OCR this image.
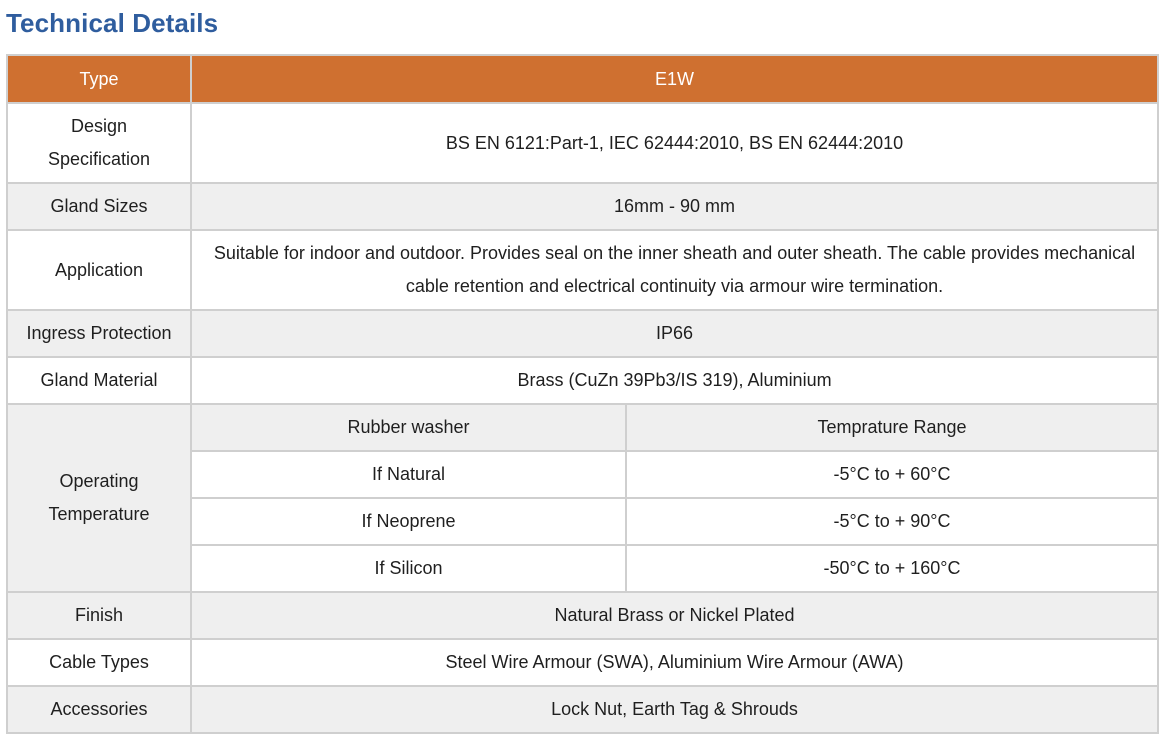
Technical Details
Type	E1W	
Design Specification	BS EN 6121:Part-1, IEC 62444:2010, BS EN 62444:2010	
Gland Sizes	16mm - 90 mm	
Application	Suitable for indoor and outdoor. Provides seal on the inner sheath and outer sheath. The cable provides mechanical cable retention and electrical continuity via armour wire termination.	
Ingress Protection	IP66	
Gland Material	Brass (CuZn 39Pb3/IS 319), Aluminium	
Operating Temperature	Rubber washer	Temprature Range
	If Natural	-5°C to + 60°C
	If Neoprene	-5°C to + 90°C
	If Silicon	-50°C to + 160°C
Finish	Natural Brass or Nickel Plated	
Cable Types	Steel Wire Armour (SWA), Aluminium Wire Armour (AWA)	
Accessories	Lock Nut, Earth Tag & Shrouds	
